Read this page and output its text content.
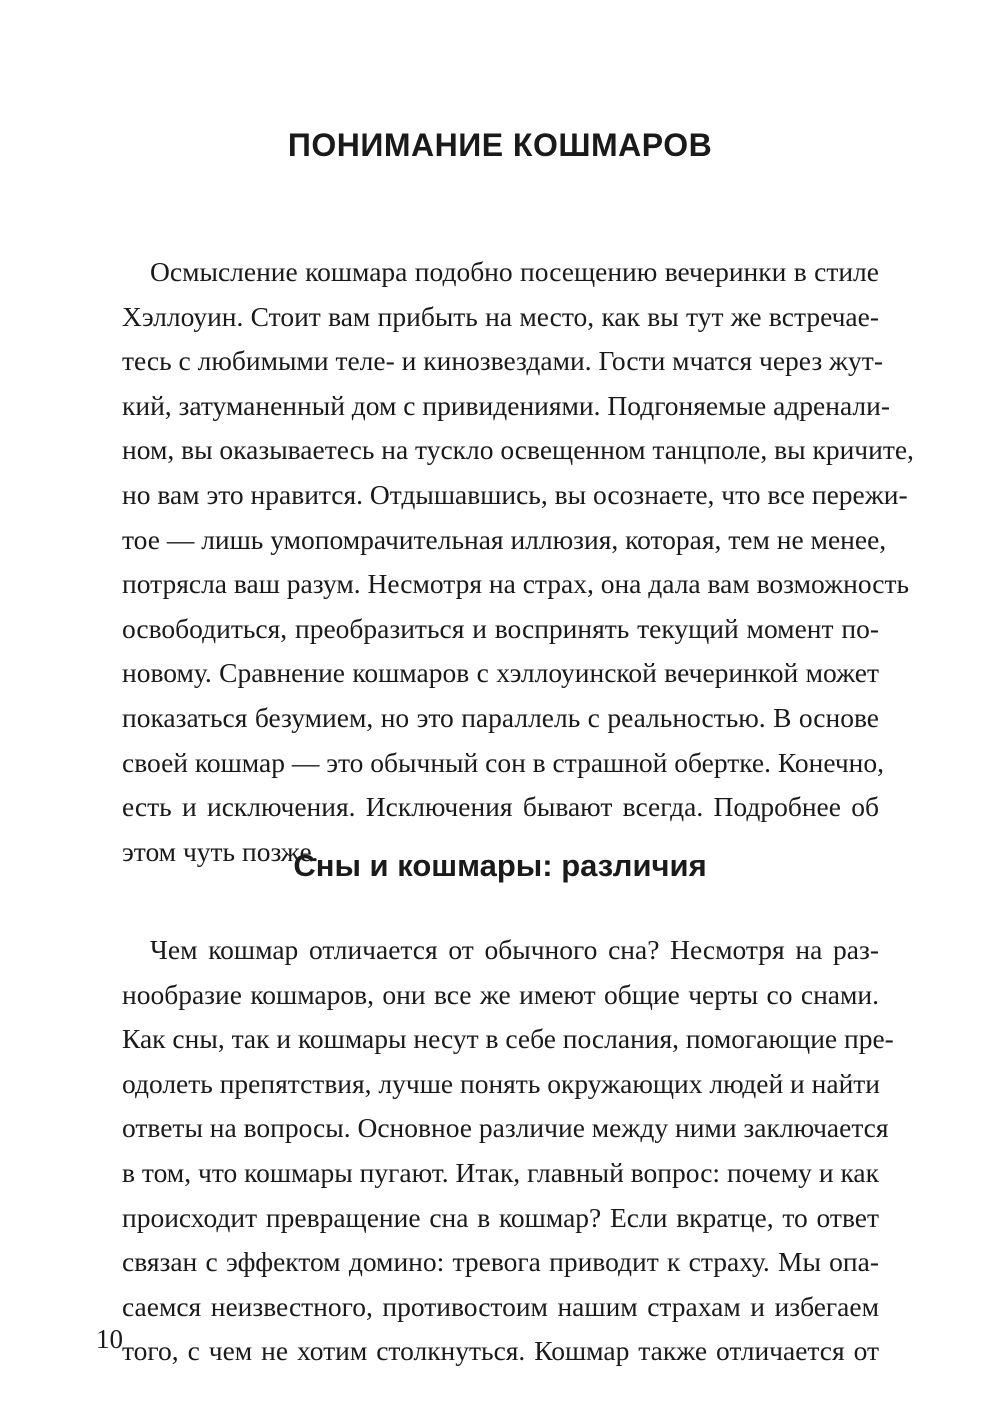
ПОНИМАНИЕ КОШМАРОВ
Осмысление кошмара подобно посещению вечеринки в стиле
Хэллоуин. Стоит вам прибыть на место, как вы тут же встречае-
тесь с любимыми теле- и кинозвездами. Гости мчатся через жут-
кий, затуманенный дом с привидениями. Подгоняемые адренали-
ном, вы оказываетесь на тускло освещенном танцполе, вы кричите,
но вам это нравится. Отдышавшись, вы осознаете, что все пережи-
тое — лишь умопомрачительная иллюзия, которая, тем не менее,
потрясла ваш разум. Несмотря на страх, она дала вам возможность
освободиться, преобразиться и воспринять текущий момент по-
новому. Сравнение кошмаров с хэллоуинской вечеринкой может
показаться безумием, но это параллель с реальностью. В основе
своей кошмар — это обычный сон в страшной обертке. Конечно,
есть и исключения. Исключения бывают всегда. Подробнее об
этом чуть позже.
Сны и кошмары: различия
Чем кошмар отличается от обычного сна? Несмотря на раз-
нообразие кошмаров, они все же имеют общие черты со снами.
Как сны, так и кошмары несут в себе послания, помогающие пре-
одолеть препятствия, лучше понять окружающих людей и найти
ответы на вопросы. Основное различие между ними заключается
в том, что кошмары пугают. Итак, главный вопрос: почему и как
происходит превращение сна в кошмар? Если вкратце, то ответ
связан с эффектом домино: тревога приводит к страху. Мы опа-
саемся неизвестного, противостоим нашим страхам и избегаем
того, с чем не хотим столкнуться. Кошмар также отличается от
10
